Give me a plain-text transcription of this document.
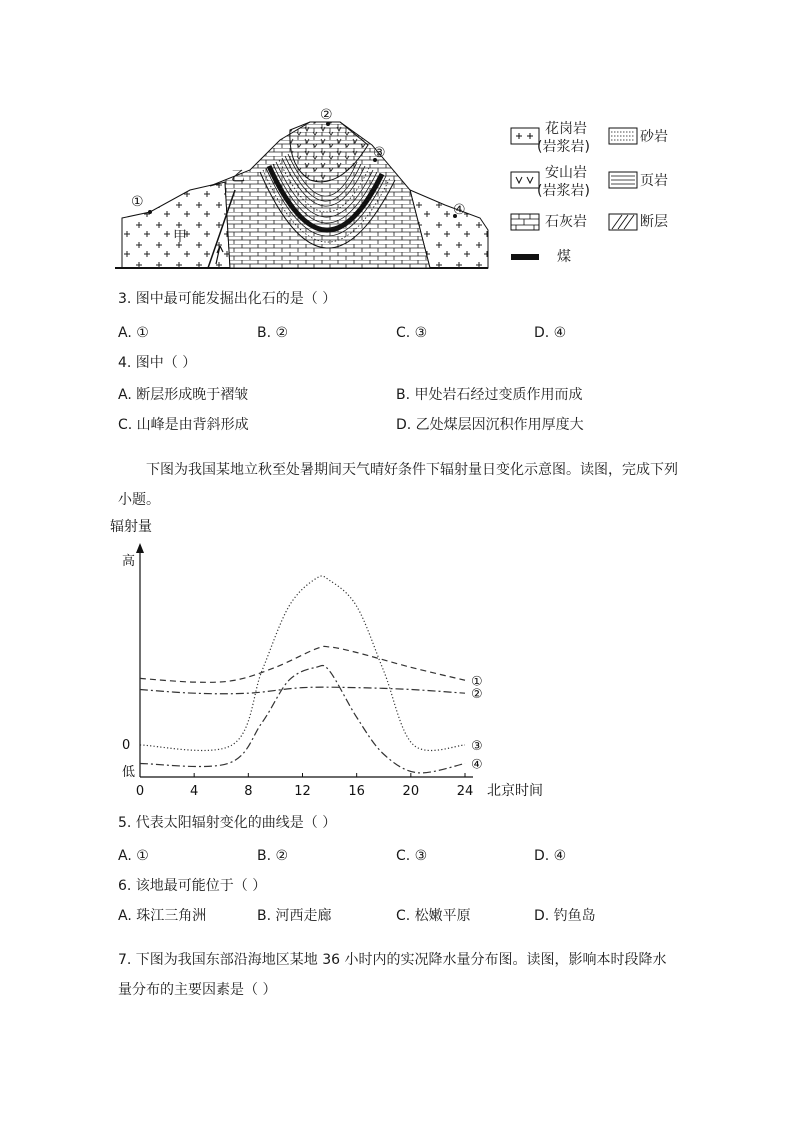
①
②
③
④
甲
乙
花岗岩
(岩浆岩)
砂岩
安山岩
(岩浆岩)
页岩
石灰岩	断层
煤
3. 图中最可能发掘出化石的是（ ）
A. ①	B. ②	C. ③	D. ④
4. 图中（ ）
A. 断层形成晚于褶皱	B. 甲处岩石经过变质作用而成
C. 山峰是由背斜形成	D. 乙处煤层因沉积作用厚度大
下图为我国某地立秋至处暑期间天气晴好条件下辐射量日变化示意图。读图，完成下列小题。
辐射量
高
0
低
0	4	8	12	16	20	24 北京时间
①
②
③
④
5. 代表太阳辐射变化的曲线是（ ）
A. ①	B. ②	C. ③	D. ④
6. 该地最可能位于（ ）
A. 珠江三角洲	B. 河西走廊	C. 松嫩平原	D. 钓鱼岛
7. 下图为我国东部沿海地区某地 36 小时内的实况降水量分布图。读图，影响本时段降水量分布的主要因素是（ ）
